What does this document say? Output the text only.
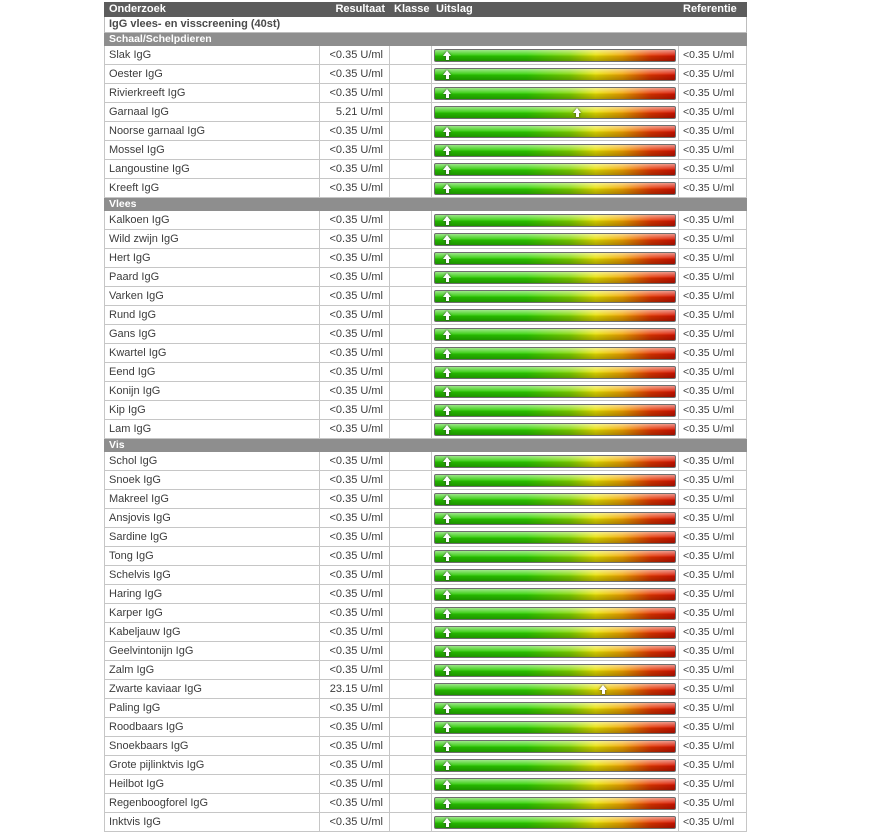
Onderzoek	Resultaat	Klasse	Uitslag	Referentie
IgG vlees- en visscreening (40st)				
Schaal/Schelpdieren				
Slak IgG	<0.35 U/ml			<0.35 U/ml
Oester IgG	<0.35 U/ml			<0.35 U/ml
Rivierkreeft IgG	<0.35 U/ml			<0.35 U/ml
Garnaal IgG	5.21 U/ml			<0.35 U/ml
Noorse garnaal IgG	<0.35 U/ml			<0.35 U/ml
Mossel IgG	<0.35 U/ml			<0.35 U/ml
Langoustine IgG	<0.35 U/ml			<0.35 U/ml
Kreeft IgG	<0.35 U/ml			<0.35 U/ml
Vlees				
Kalkoen IgG	<0.35 U/ml			<0.35 U/ml
Wild zwijn IgG	<0.35 U/ml			<0.35 U/ml
Hert IgG	<0.35 U/ml			<0.35 U/ml
Paard IgG	<0.35 U/ml			<0.35 U/ml
Varken IgG	<0.35 U/ml			<0.35 U/ml
Rund IgG	<0.35 U/ml			<0.35 U/ml
Gans IgG	<0.35 U/ml			<0.35 U/ml
Kwartel IgG	<0.35 U/ml			<0.35 U/ml
Eend IgG	<0.35 U/ml			<0.35 U/ml
Konijn IgG	<0.35 U/ml			<0.35 U/ml
Kip IgG	<0.35 U/ml			<0.35 U/ml
Lam IgG	<0.35 U/ml			<0.35 U/ml
Vis				
Schol IgG	<0.35 U/ml			<0.35 U/ml
Snoek IgG	<0.35 U/ml			<0.35 U/ml
Makreel IgG	<0.35 U/ml			<0.35 U/ml
Ansjovis IgG	<0.35 U/ml			<0.35 U/ml
Sardine IgG	<0.35 U/ml			<0.35 U/ml
Tong IgG	<0.35 U/ml			<0.35 U/ml
Schelvis IgG	<0.35 U/ml			<0.35 U/ml
Haring IgG	<0.35 U/ml			<0.35 U/ml
Karper IgG	<0.35 U/ml			<0.35 U/ml
Kabeljauw IgG	<0.35 U/ml			<0.35 U/ml
Geelvintonijn IgG	<0.35 U/ml			<0.35 U/ml
Zalm IgG	<0.35 U/ml			<0.35 U/ml
Zwarte kaviaar IgG	23.15 U/ml			<0.35 U/ml
Paling IgG	<0.35 U/ml			<0.35 U/ml
Roodbaars IgG	<0.35 U/ml			<0.35 U/ml
Snoekbaars IgG	<0.35 U/ml			<0.35 U/ml
Grote pijlinktvis IgG	<0.35 U/ml			<0.35 U/ml
Heilbot IgG	<0.35 U/ml			<0.35 U/ml
Regenboogforel IgG	<0.35 U/ml			<0.35 U/ml
Inktvis IgG	<0.35 U/ml			<0.35 U/ml
